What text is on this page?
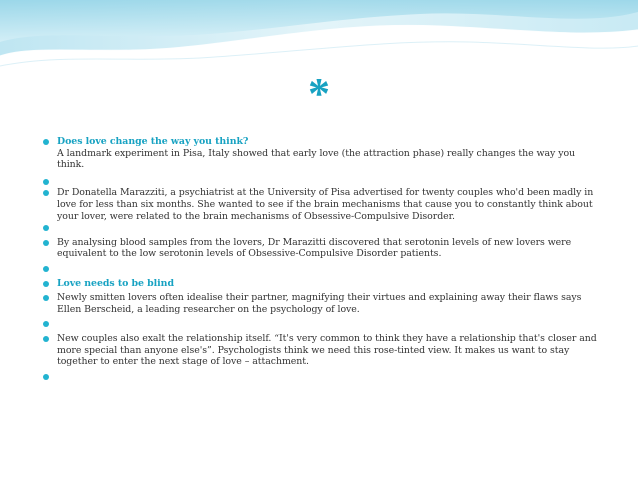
*
Does love change the way you think?
A landmark experiment in Pisa, Italy showed that early love (the attraction phase) really changes the way you think.
Dr Donatella Marazziti, a psychiatrist at the University of Pisa advertised for twenty couples who'd been madly in love for less than six months. She wanted to see if the brain mechanisms that cause you to constantly think about your lover, were related to the brain mechanisms of Obsessive-Compulsive Disorder.
By analysing blood samples from the lovers, Dr Marazitti discovered that serotonin levels of new lovers were equivalent to the low serotonin levels of Obsessive-Compulsive Disorder patients.
Love needs to be blind
Newly smitten lovers often idealise their partner, magnifying their virtues and explaining away their flaws says Ellen Berscheid, a leading researcher on the psychology of love.
New couples also exalt the relationship itself. “It's very common to think they have a relationship that's closer and more special than anyone else's”. Psychologists think we need this rose-tinted view. It makes us want to stay together to enter the next stage of love – attachment.
